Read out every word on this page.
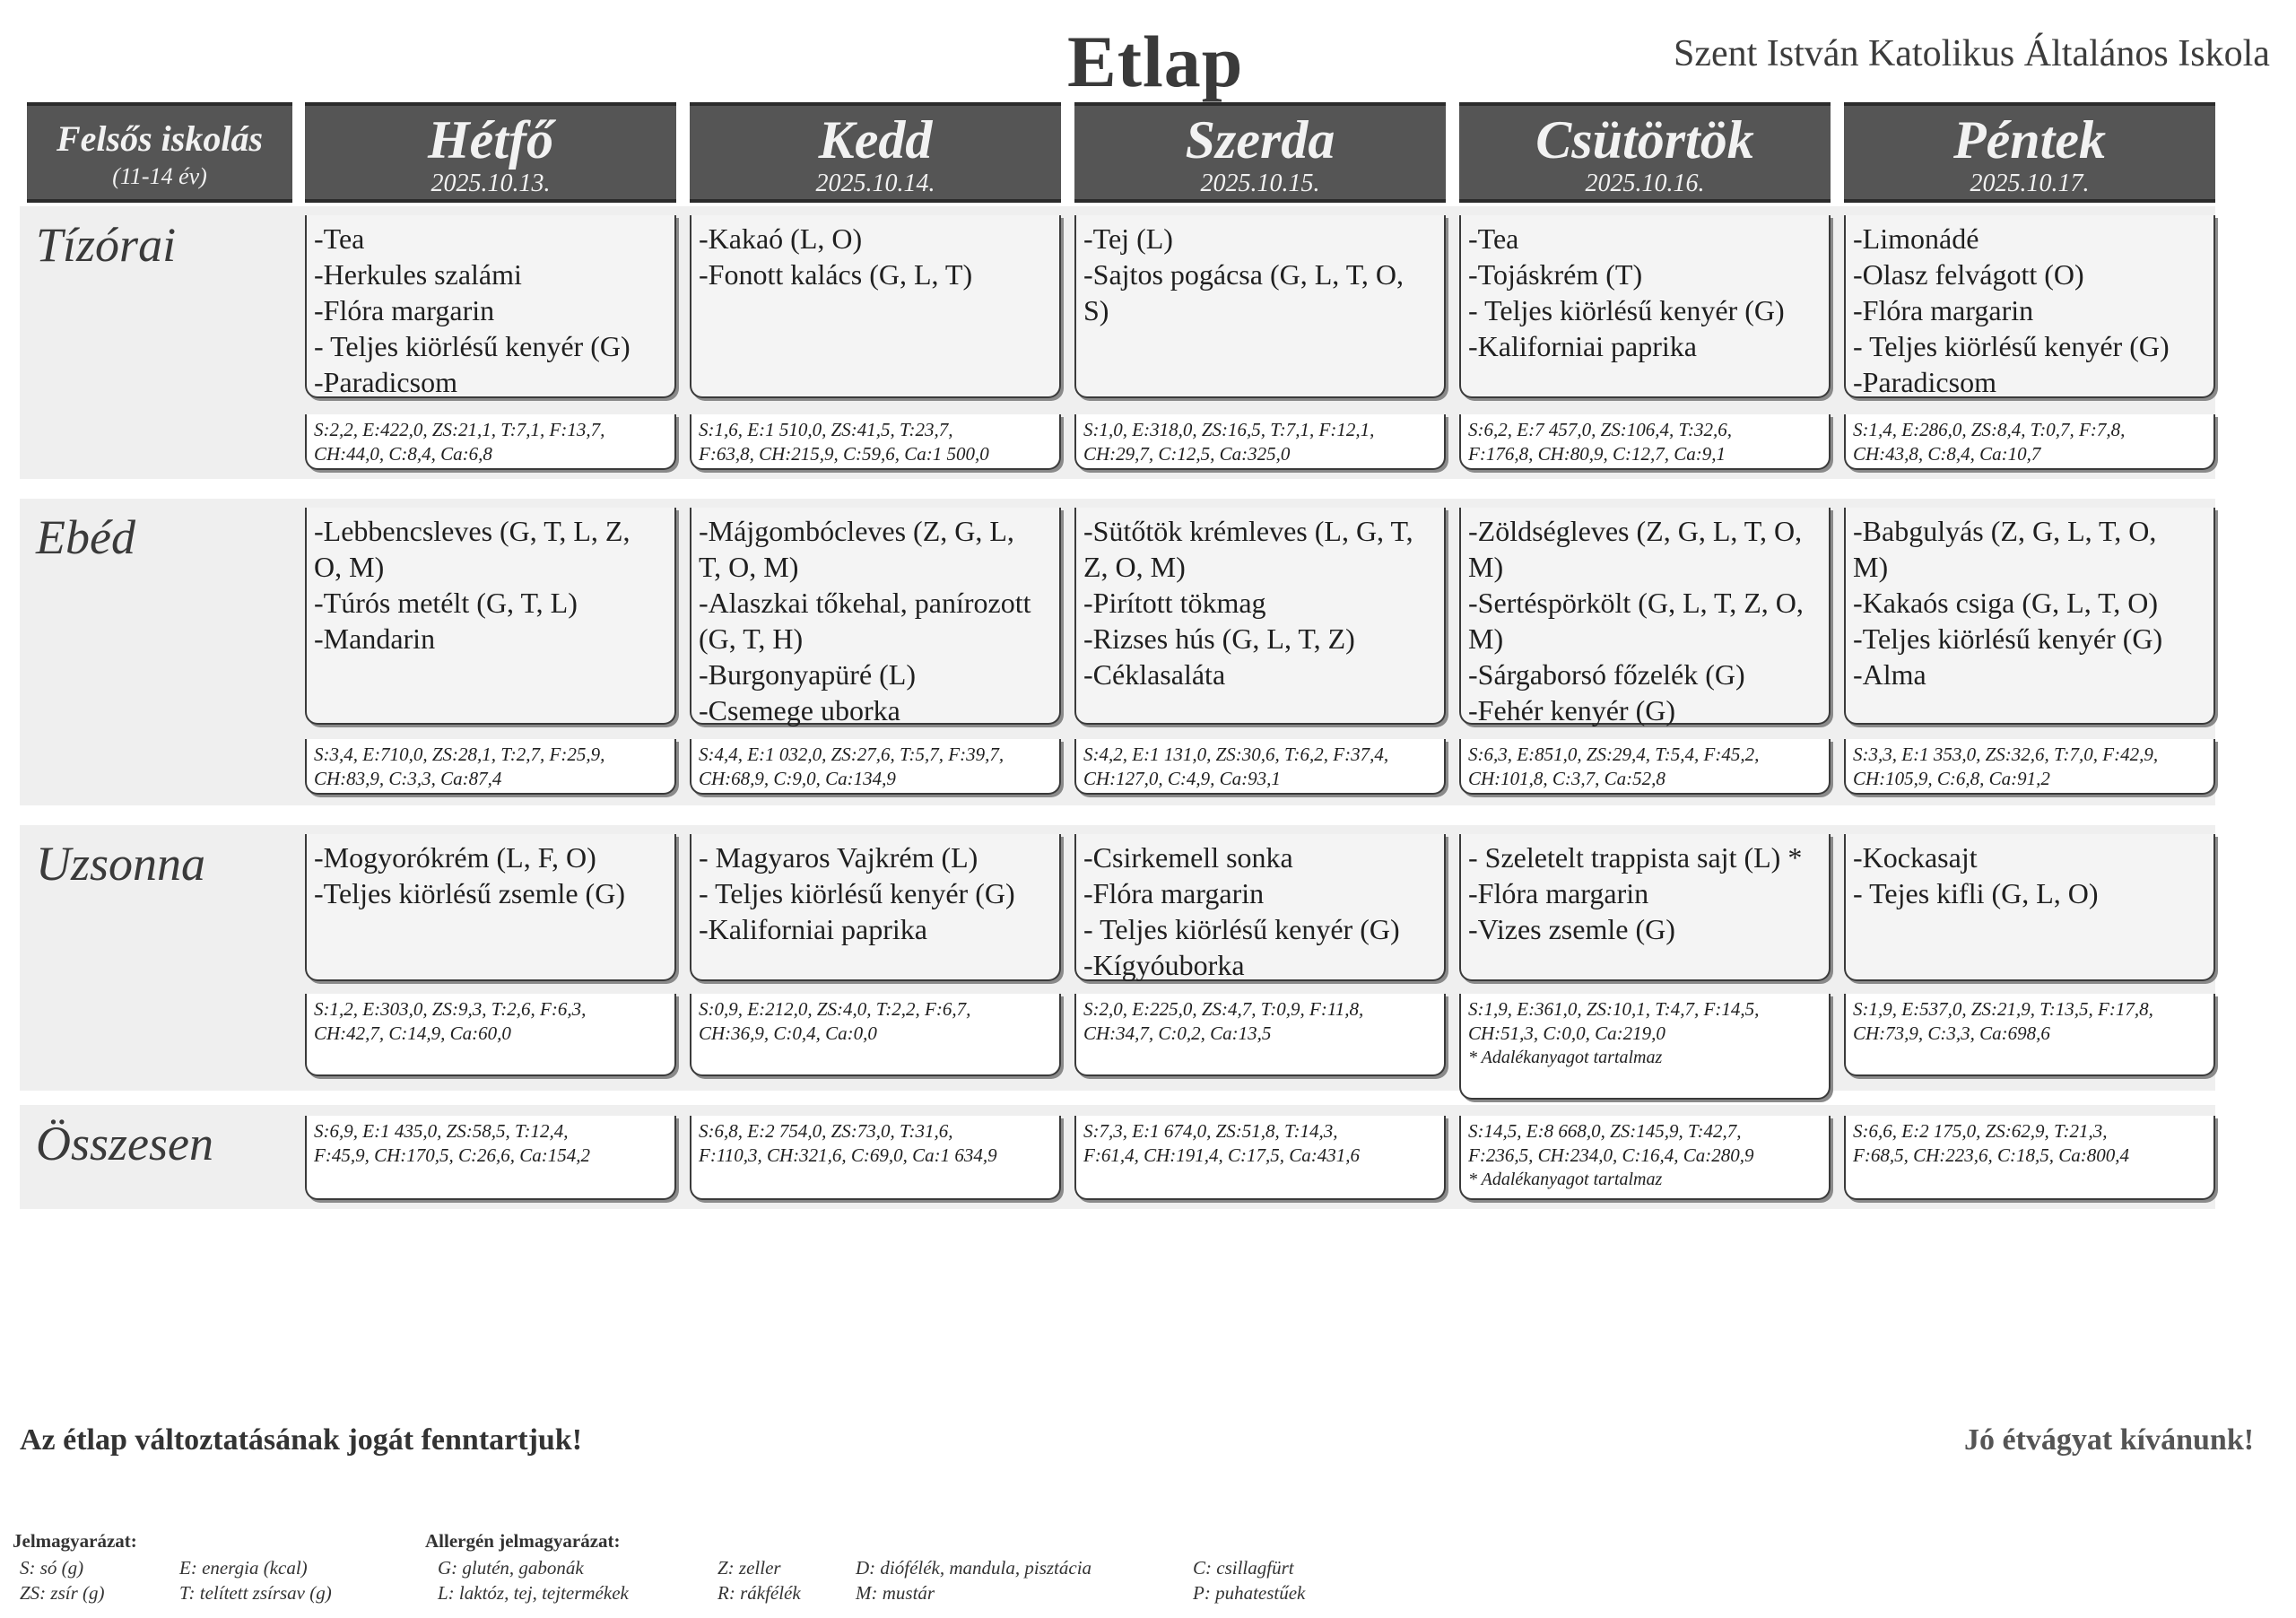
Etlap	Szent István Katolikus Általános Iskola
Felsős iskolás
(11-14 év)
Hétfő
2025.10.13.
Kedd
2025.10.14.
Szerda
2025.10.15.
Csütörtök
2025.10.16.
Péntek
2025.10.17.
Tízórai
Ebéd
Uzsonna
Összesen
-Tea
-Herkules szalámi
-Flóra margarin
- Teljes kiörlésű kenyér (G)
-Paradicsom
S:2,2, E:422,0, ZS:21,1, T:7,1, F:13,7,
CH:44,0, C:8,4, Ca:6,8
-Kakaó (L, O)
-Fonott kalács (G, L, T)
S:1,6, E:1 510,0, ZS:41,5, T:23,7,
F:63,8, CH:215,9, C:59,6, Ca:1 500,0
-Tej (L)
-Sajtos pogácsa (G, L, T, O,
S)
S:1,0, E:318,0, ZS:16,5, T:7,1, F:12,1,
CH:29,7, C:12,5, Ca:325,0
-Tea
-Tojáskrém (T)
- Teljes kiörlésű kenyér (G)
-Kaliforniai paprika
S:6,2, E:7 457,0, ZS:106,4, T:32,6,
F:176,8, CH:80,9, C:12,7, Ca:9,1
-Limonádé
-Olasz felvágott (O)
-Flóra margarin
- Teljes kiörlésű kenyér (G)
-Paradicsom
S:1,4, E:286,0, ZS:8,4, T:0,7, F:7,8,
CH:43,8, C:8,4, Ca:10,7
-Lebbencsleves (G, T, L, Z,
O, M)
-Túrós metélt (G, T, L)
-Mandarin
S:3,4, E:710,0, ZS:28,1, T:2,7, F:25,9,
CH:83,9, C:3,3, Ca:87,4
-Májgombócleves (Z, G, L,
T, O, M)
-Alaszkai tőkehal, panírozott
(G, T, H)
-Burgonyapüré (L)
-Csemege uborka
S:4,4, E:1 032,0, ZS:27,6, T:5,7, F:39,7,
CH:68,9, C:9,0, Ca:134,9
-Sütőtök krémleves (L, G, T,
Z, O, M)
-Pirított tökmag
-Rizses hús (G, L, T, Z)
-Céklasaláta
S:4,2, E:1 131,0, ZS:30,6, T:6,2, F:37,4,
CH:127,0, C:4,9, Ca:93,1
-Zöldségleves (Z, G, L, T, O,
M)
-Sertéspörkölt (G, L, T, Z, O,
M)
-Sárgaborsó főzelék (G)
-Fehér kenyér (G)
S:6,3, E:851,0, ZS:29,4, T:5,4, F:45,2,
CH:101,8, C:3,7, Ca:52,8
-Babgulyás (Z, G, L, T, O,
M)
-Kakaós csiga (G, L, T, O)
-Teljes kiörlésű kenyér (G)
-Alma
S:3,3, E:1 353,0, ZS:32,6, T:7,0, F:42,9,
CH:105,9, C:6,8, Ca:91,2
-Mogyorókrém (L, F, O)
-Teljes kiörlésű zsemle (G)
S:1,2, E:303,0, ZS:9,3, T:2,6, F:6,3,
CH:42,7, C:14,9, Ca:60,0
- Magyaros Vajkrém (L)
- Teljes kiörlésű kenyér (G)
-Kaliforniai paprika
S:0,9, E:212,0, ZS:4,0, T:2,2, F:6,7,
CH:36,9, C:0,4, Ca:0,0
-Csirkemell sonka
-Flóra margarin
- Teljes kiörlésű kenyér (G)
-Kígyóuborka
S:2,0, E:225,0, ZS:4,7, T:0,9, F:11,8,
CH:34,7, C:0,2, Ca:13,5
- Szeletelt trappista sajt (L) *
-Flóra margarin
-Vizes zsemle (G)
S:1,9, E:361,0, ZS:10,1, T:4,7, F:14,5,
CH:51,3, C:0,0, Ca:219,0
* Adalékanyagot tartalmaz
-Kockasajt
- Tejes kifli (G, L, O)
S:1,9, E:537,0, ZS:21,9, T:13,5, F:17,8,
CH:73,9, C:3,3, Ca:698,6
S:6,9, E:1 435,0, ZS:58,5, T:12,4,
F:45,9, CH:170,5, C:26,6, Ca:154,2
S:6,8, E:2 754,0, ZS:73,0, T:31,6,
F:110,3, CH:321,6, C:69,0, Ca:1 634,9
S:7,3, E:1 674,0, ZS:51,8, T:14,3,
F:61,4, CH:191,4, C:17,5, Ca:431,6
S:14,5, E:8 668,0, ZS:145,9, T:42,7,
F:236,5, CH:234,0, C:16,4, Ca:280,9
* Adalékanyagot tartalmaz
S:6,6, E:2 175,0, ZS:62,9, T:21,3,
F:68,5, CH:223,6, C:18,5, Ca:800,4
Az étlap változtatásának jogát fenntartjuk!	Jó étvágyat kívánunk!
Jelmagyarázat:
S: só (g)
ZS: zsír (g)
E: energia (kcal)
T: telített zsírsav (g)
Allergén jelmagyarázat:
G: glutén, gabonák
L: laktóz, tej, tejtermékek
Z: zeller
R: rákfélék
D: diófélék, mandula, pisztácia
M: mustár
C: csillagfürt
P: puhatestűek
